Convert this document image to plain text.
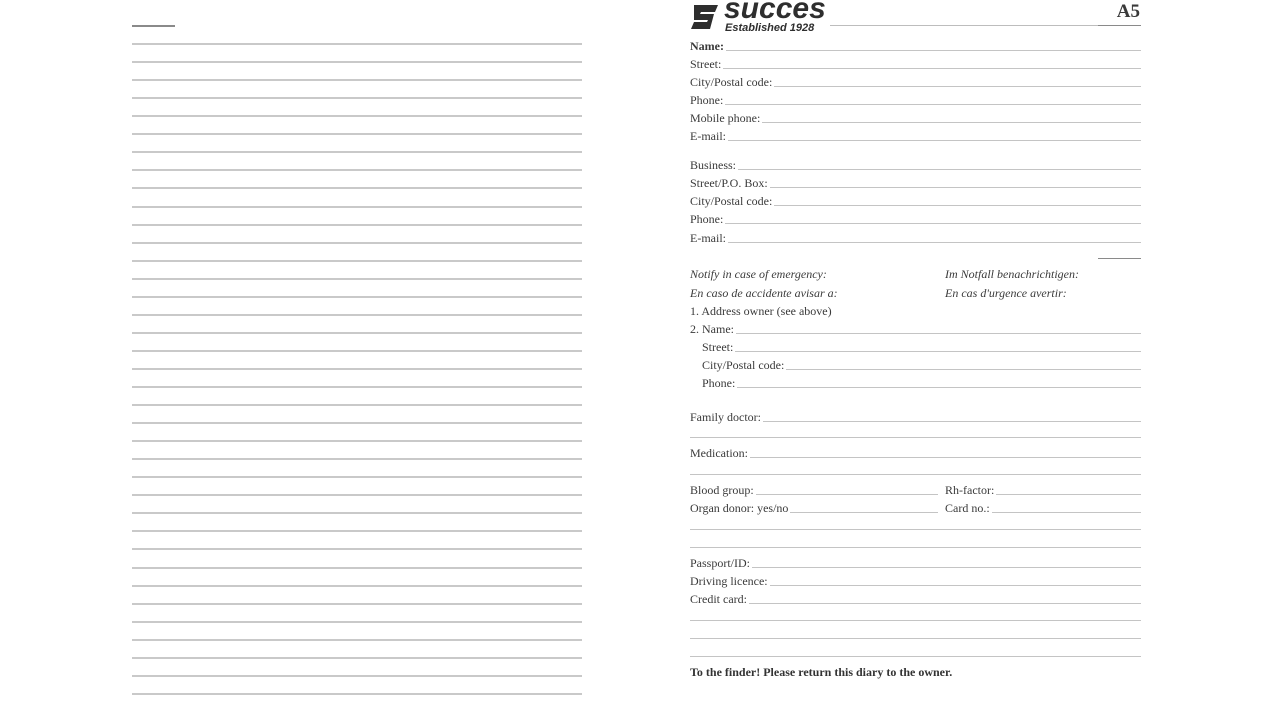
succes
Established 1928
A5
Name:
Street:
City/Postal code:
Phone:
Mobile phone:
E-mail:
Business:
Street/P.O. Box:
City/Postal code:
Phone:
E-mail:
Notify in case of emergency:	Im Notfall benachrichtigen:
En caso de accidente avisar a:	En cas d'urgence avertir:
1. Address owner (see above)
2. Name:
Street:
City/Postal code:
Phone:
Family doctor:
Medication:
Blood group:	Rh-factor:
Organ donor: yes/no	Card no.:
Passport/ID:
Driving licence:
Credit card:
To the finder! Please return this diary to the owner.
